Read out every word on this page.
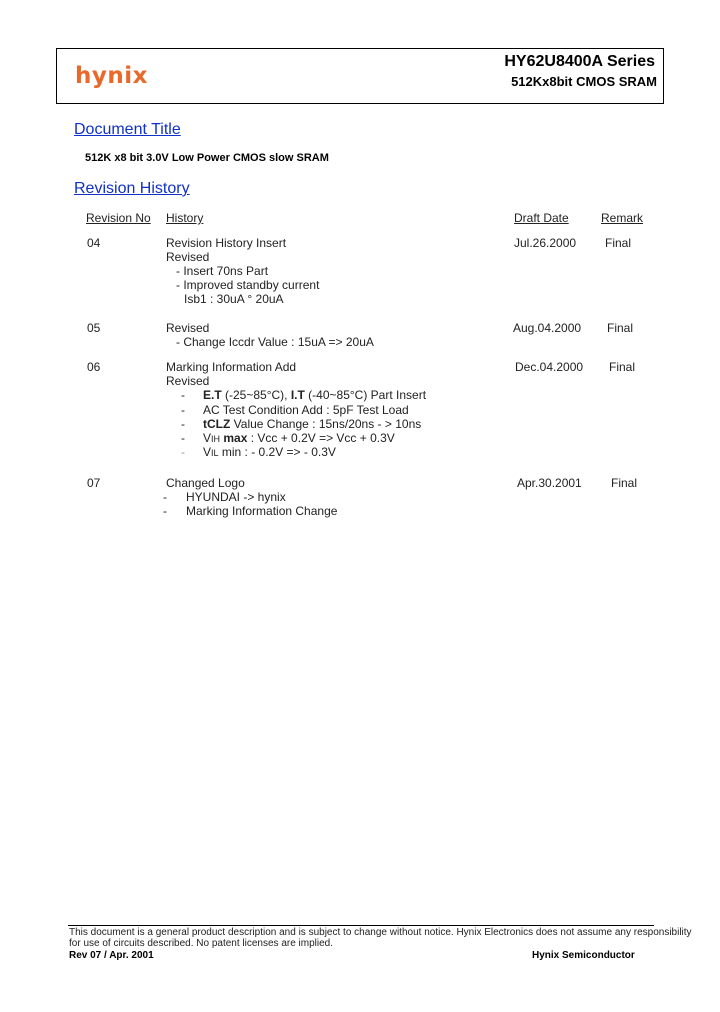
hynix
HY62U8400A Series
512Kx8bit CMOS SRAM
Document Title
512K x8 bit 3.0V Low Power CMOS slow SRAM
Revision History
Revision No History	Draft Date	Remark
04	Revision History Insert
Revised
- Insert 70ns Part
- Improved standby current
Isb1 : 30uA ° 20uA
Jul.26.2000 Final
05	Revised
- Change Iccdr Value : 15uA => 20uA
Aug.04.2000 Final
06	Marking Information Add
Revised
- E.T (-25~85°C), I.T (-40~85°C) Part Insert
- AC Test Condition Add : 5pF Test Load
- tCLZ Value Change : 15ns/20ns - > 10ns
- VIH max : Vcc + 0.2V => Vcc + 0.3V
- VIL min : - 0.2V => - 0.3V
Dec.04.2000 Final
07	Changed Logo
- HYUNDAI -> hynix
- Marking Information Change
Apr.30.2001 Final
This document is a general product description and is subject to change without notice. Hynix Electronics does not assume any responsibility
for use of circuits described. No patent licenses are implied.
Rev 07 / Apr. 2001	Hynix Semiconductor
